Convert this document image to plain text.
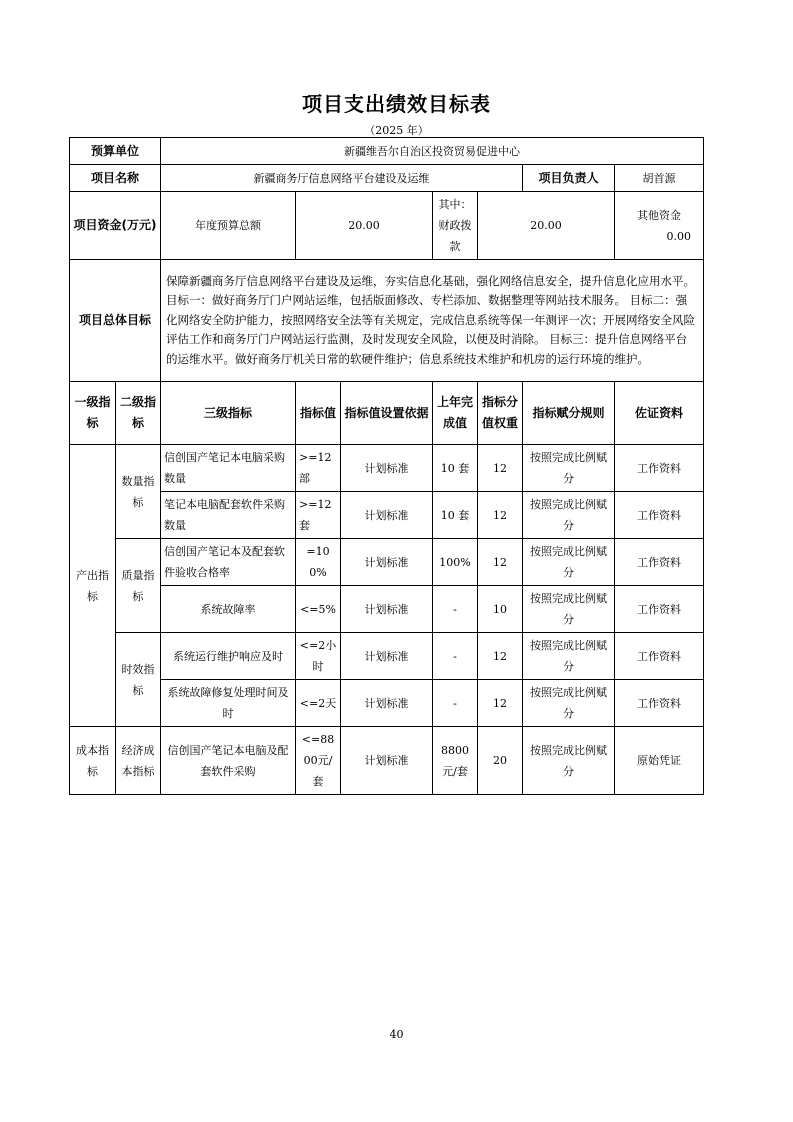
项目支出绩效目标表
（2025 年）
预算单位		新疆维吾尔自治区投资贸易促进中心						
项目名称		新疆商务厅信息网络平台建设及运维					项目负责人	胡首源
项目资金(万元)		年度预算总额	20.00		其中：财政拨款	20.00		其他资金  0.00
项目总体目标		保障新疆商务厅信息网络平台建设及运维，夯实信息化基础，强化网络信息安全，提升信息化应用水平。 目标一：做好商务厅门户网站运维，包括版面修改、专栏添加、数据整理等网站技术服务。 目标二：强化网络安全防护能力，按照网络安全法等有关规定，完成信息系统等保一年测评一次；开展网络安全风险评估工作和商务厅门户网站运行监测，及时发现安全风险，以便及时消除。 目标三：提升信息网络平台的运维水平。做好商务厅机关日常的软硬件维护；信息系统技术维护和机房的运行环境的维护。						
一级指标	二级指标	三级指标	指标值	指标值设置依据	上年完成值	指标分值权重	指标赋分规则	佐证资料
产出指标	数量指标	信创国产笔记本电脑采购数量	>=12部	计划标准	10 套	12	按照完成比例赋分	工作资料
		笔记本电脑配套软件采购数量	>=12套	计划标准	10 套	12	按照完成比例赋分	工作资料
	质量指标	信创国产笔记本及配套软件验收合格率	=100%	计划标准	100%	12	按照完成比例赋分	工作资料
		系统故障率	<=5%	计划标准	-	10	按照完成比例赋分	工作资料
	时效指标	系统运行维护响应及时	<=2小时	计划标准	-	12	按照完成比例赋分	工作资料
		系统故障修复处理时间及时	<=2天	计划标准	-	12	按照完成比例赋分	工作资料
成本指标	经济成本指标	信创国产笔记本电脑及配套软件采购	<=8800元/套	计划标准	8800元/套	20	按照完成比例赋分	原始凭证
40
